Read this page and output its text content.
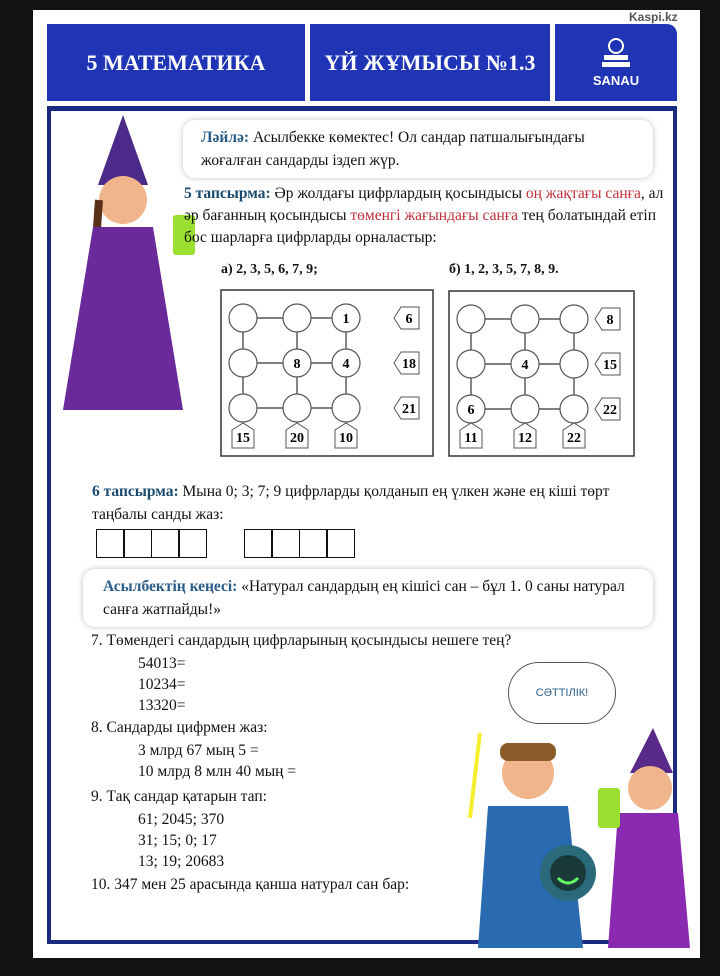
5 МАТЕМАТИКА	ҮЙ ЖҰМЫСЫ №1.3
SANAU
Kaspi.kz
Ләйлә: Асылбекке көмектес! Ол сандар патшалығындағы жоғалған сандарды іздеп жүр.
5 тапсырма: Әр жолдағы цифрлардың қосындысы оң жақтағы санға, ал әр бағанның қосындысы төменгі жағындағы санға тең болатындай етіп бос шарларға цифрларды орналастыр:
а) 2, 3, 5, 6, 7, 9;	б) 1, 2, 3, 5, 7, 8, 9.
1
8	4
6
18
21
15	20	10
4
6
8
15
22
11	12	22
6 тапсырма: Мына 0; 3; 7; 9 цифрларды қолданып ең үлкен және ең кіші төрт таңбалы санды жаз:
Асылбектің кеңесі: «Натурал сандардың ең кішісі сан – бұл 1. 0 саны натурал санға жатпайды!»
7. Төмендегі сандардың цифрларының қосындысы нешеге тең?
54013=
10234=
13320=
8. Сандарды цифрмен жаз:
3 млрд 67 мың 5 =
10 млрд 8 млн 40 мың =
9. Тақ сандар қатарын тап:
61; 2045; 370
31; 15; 0; 17
13; 19; 20683
10. 347 мен 25 арасында қанша натурал сан бар:
СӘТТІЛІК!
